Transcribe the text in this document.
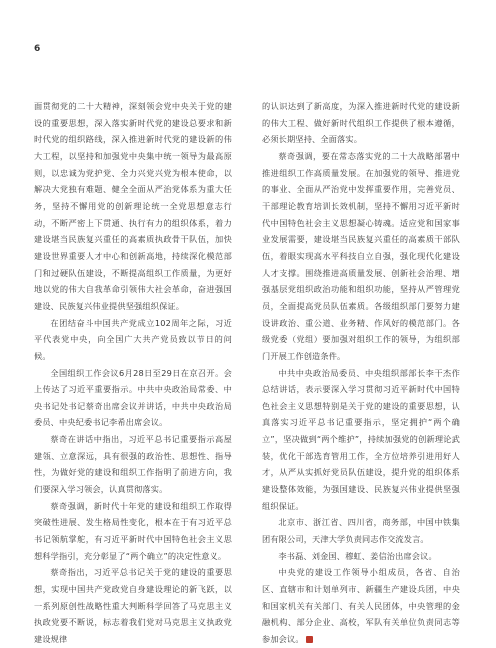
6

面贯彻党的二十大精神，深刻领会党中央关于党的建设的重要思想，深入落实新时代党的建设总要求和新时代党的组织路线，深入推进新时代党的建设新的伟大工程，以坚持和加强党中央集中统一领导为最高原则，以忠诚为党护党、全力兴党兴党为根本使命，以解决大党独有难题、健全全面从严治党体系为重大任务，坚持不懈用党的创新理论统一全党思想意志行动，不断严密上下贯通、执行有力的组织体系，着力建设堪当民族复兴重任的高素质执政骨干队伍，加快建设世界重要人才中心和创新高地，持续深化模范部门和过硬队伍建设，不断提高组织工作质量，为更好地以党的伟大自我革命引领伟大社会革命，奋进强国建设、民族复兴伟业提供坚强组织保证。

在团结奋斗中国共产党成立102周年之际，习近平代表党中央，向全国广大共产党员致以节日的问候。

全国组织工作会议6月28日至29日在京召开。会上传达了习近平重要指示。中共中央政治局常委、中央书记处书记蔡奇出席会议并讲话，中共中央政治局委员、中央纪委书记李希出席会议。

蔡奇在讲话中指出，习近平总书记重要指示高屋建瓴、立意深远，具有很强的政治性、思想性、指导性，为做好党的建设和组织工作指明了前进方向，我们要深入学习领会，认真贯彻落实。

蔡奇强调，新时代十年党的建设和组织工作取得突破性进展、发生格局性变化，根本在于有习近平总书记领航掌舵，有习近平新时代中国特色社会主义思想科学指引，充分彰显了“两个确立”的决定性意义。

蔡奇指出，习近平总书记关于党的建设的重要思想，实现中国共产党政党自身建设理论的新飞跃，以一系列原创性战略性重大判断科学回答了马克思主义执政党要不断说，标志着我们党对马克思主义执政党建设规律

的认识达到了新高度，为深入推进新时代党的建设新的伟大工程、做好新时代组织工作提供了根本遵循，必须长期坚持、全面落实。

蔡奇强调，要在常态落实党的二十大战略部署中推进组织工作高质量发展。在加强党的领导、推进党的事业、全面从严治党中发挥重要作用，完善党员、干部理论教育培训长效机制，坚持不懈用习近平新时代中国特色社会主义思想凝心铸魂。适应党和国家事业发展需要，建设堪当民族复兴重任的高素质干部队伍，着眼实现高水平科技自立自强，强化现代化建设人才支撑。围绕推进高质量发展、创新社会治理、增强基层党组织政治功能和组织功能，坚持从严管理党员，全面提高党员队伍素质。各级组织部门要努力建设讲政治、重公道、业务精、作风好的模范部门。各级党委（党组）要加强对组织工作的领导，为组织部门开展工作创造条件。

中共中央政治局委员、中央组织部部长李干杰作总结讲话，表示要深入学习贯彻习近平新时代中国特色社会主义思想特别是关于党的建设的重要思想，认真落实习近平总书记重要指示，坚定拥护“两个确立”，坚决做到“两个维护”，持续加强党的创新理论武装，优化干部选育管用工作，全方位培养引进用好人才，从严从实抓好党员队伍建设，提升党的组织体系建设整体效能，为强国建设、民族复兴伟业提供坚强组织保证。

北京市、浙江省、四川省，商务部，中国中铁集团有限公司，天津大学负责同志作交流发言。

李书磊、刘金国、穆虹、姜信治出席会议。

中央党的建设工作领导小组成员，各省、自治区、直辖市和计划单列市、新疆生产建设兵团，中央和国家机关有关部门、有关人民团体，中央管理的金融机构、部分企业、高校，军队有关单位负责同志等参加会议。
